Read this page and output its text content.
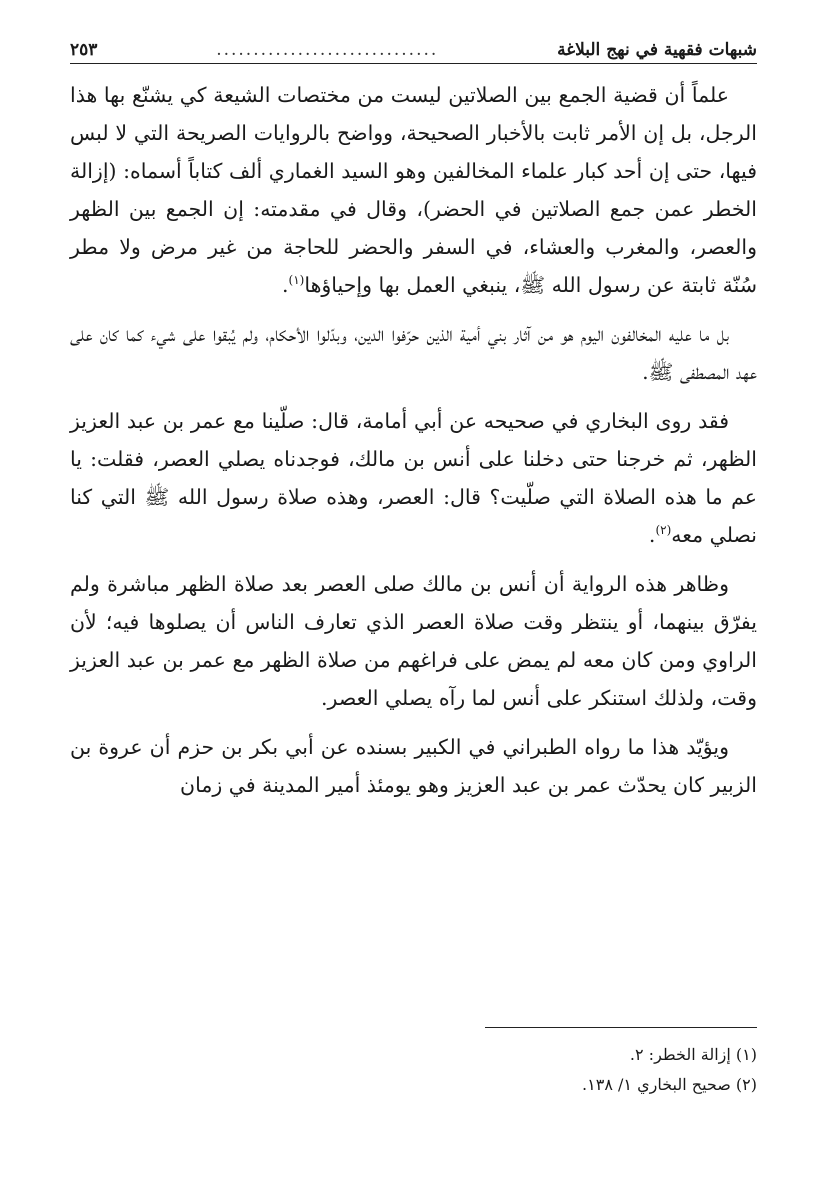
شبهات فقهية في نهج البلاغة
..............................
٢٥٣

علماً أن قضية الجمع بين الصلاتين ليست من مختصات الشيعة كي يشنّع بها هذا الرجل، بل إن الأمر ثابت بالأخبار الصحيحة، وواضح بالروايات الصريحة التي لا لبس فيها، حتى إن أحد كبار علماء المخالفين وهو السيد الغماري ألف كتاباً أسماه: (إزالة الخطر عمن جمع الصلاتين في الحضر)، وقال في مقدمته: إن الجمع بين الظهر والعصر، والمغرب والعشاء، في السفر والحضر للحاجة من غير مرض ولا مطر سُنّة ثابتة عن رسول الله ﷺ، ينبغي العمل بها وإحياؤها$^{(١)}$.

بل ما عليه المخالفون اليوم هو من آثار بني أمية الذين حرّفوا الدين، وبدّلوا الأحكام، ولم يُبقوا على شيء كما كان على عهد المصطفى ﷺ.

فقد روى البخاري في صحيحه عن أبي أمامة، قال: صلّينا مع عمر بن عبد العزيز الظهر، ثم خرجنا حتى دخلنا على أنس بن مالك، فوجدناه يصلي العصر، فقلت: يا عم ما هذه الصلاة التي صلّيت؟ قال: العصر، وهذه صلاة رسول الله ﷺ التي كنا نصلي معه$^{(٢)}$.

وظاهر هذه الرواية أن أنس بن مالك صلى العصر بعد صلاة الظهر مباشرة ولم يفرّق بينهما، أو ينتظر وقت صلاة العصر الذي تعارف الناس أن يصلوها فيه؛ لأن الراوي ومن كان معه لم يمض على فراغهم من صلاة الظهر مع عمر بن عبد العزيز وقت، ولذلك استنكر على أنس لما رآه يصلي العصر.

ويؤيّد هذا ما رواه الطبراني في الكبير بسنده عن أبي بكر بن حزم أن عروة بن الزبير كان يحدّث عمر بن عبد العزيز وهو يومئذ أمير المدينة في زمان

(١) إزالة الخطر: ٢.
(٢) صحيح البخاري ١/ ١٣٨.
